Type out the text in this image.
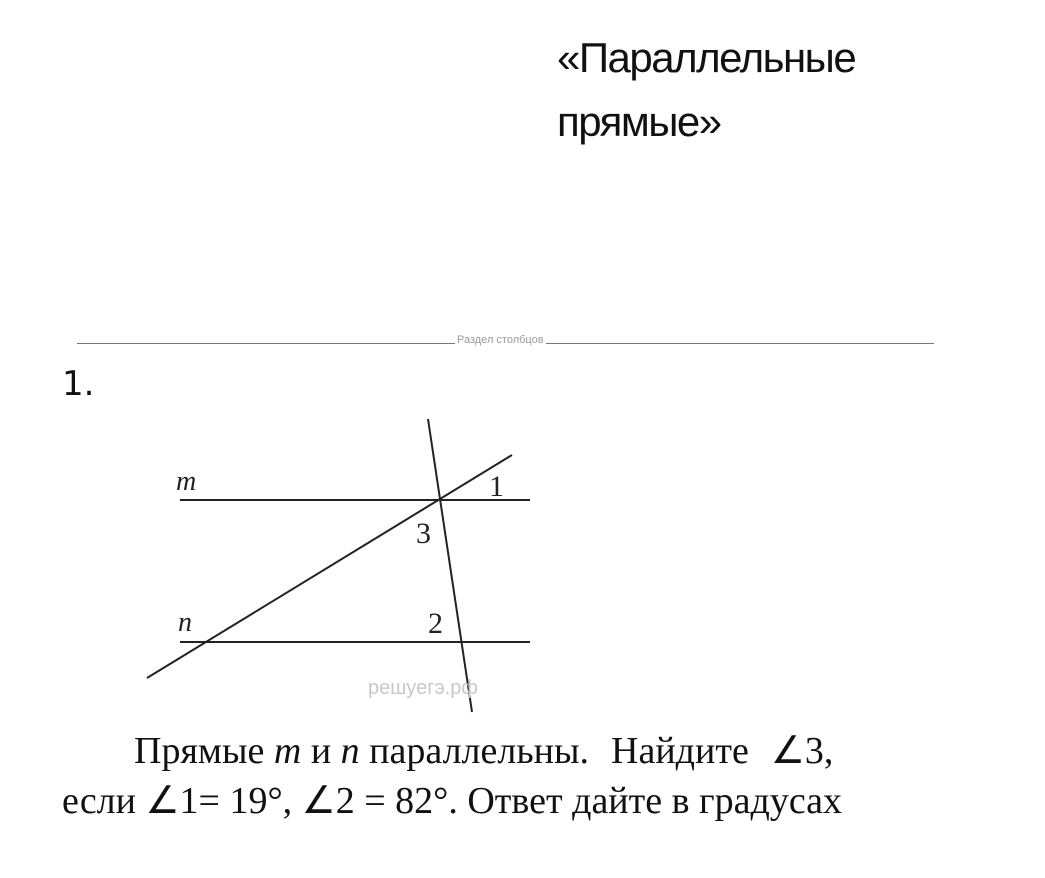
«Параллельные
прямые»
Раздел столбцов
1.
m
n
1
3
2
решуегэ.рф
Прямые m и n параллельны. Найдите ∠3,
если ∠1= 19°, ∠2 = 82°. Ответ дайте в градусах
